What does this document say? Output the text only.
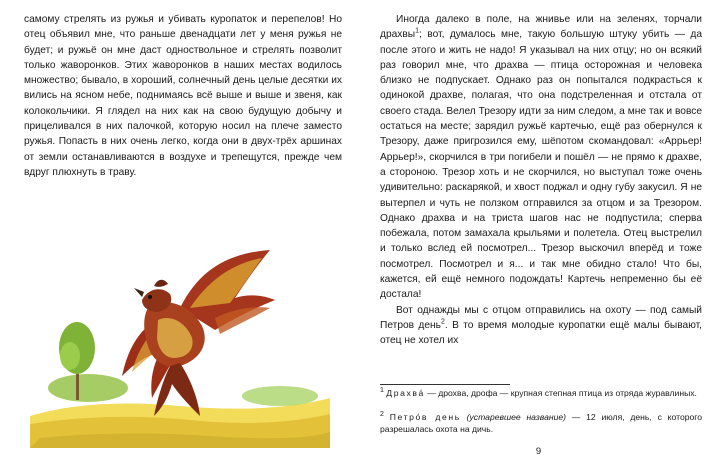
самому стрелять из ружья и убивать куропаток и перепелов! Но отец объявил мне, что раньше двенадцати лет у меня ружья не будет; и ружьё он мне даст одноствольное и стрелять позволит только жаворонков. Этих жаворонков в наших местах водилось множество; бывало, в хороший, солнечный день целые десятки их вились на ясном небе, поднимаясь всё выше и выше и звеня, как колокольчики. Я глядел на них как на свою будущую добычу и прицеливался в них палочкой, которую носил на плече заместо ружья. Попасть в них очень легко, когда они в двух-трёх аршинах от земли останавливаются в воздухе и трепещутся, прежде чем вдруг плюхнуть в траву.

Иногда далеко в поле, на жнивье или на зеленях, торчали драхвы$^1$; вот, думалось мне, такую большую штуку убить — да после этого и жить не надо! Я указывал на них отцу; но он всякий раз говорил мне, что драхва — птица осторожная и человека близко не подпускает. Однако раз он попытался подкрасться к одинокой драхве, полагая, что она подстреленная и отстала от своего стада. Велел Трезору идти за ним следом, а мне так и вовсе остаться на месте; зарядил ружьё картечью, ещё раз обернулся к Трезору, даже пригрозился ему, шёпотом скомандовал: «Аррьер! Аррьер!», скорчился в три погибели и пошёл — не прямо к драхве, а стороною. Трезор хоть и не скорчился, но выступал тоже очень удивительно: раскарякой, и хвост поджал и одну губу закусил. Я не вытерпел и чуть не ползком отправился за отцом и за Трезором. Однако драхва и на триста шагов нас не подпустила; сперва побежала, потом замахала крыльями и полетела. Отец выстрелил и только вслед ей посмотрел... Трезор выскочил вперёд и тоже посмотрел. Посмотрел и я... и так мне обидно стало! Что бы, кажется, ей ещё немного подождать! Картечь непременно бы её достала!

Вот однажды мы с отцом отправились на охоту — под самый Петров день$^2$. В то время молодые куропатки ещё малы бывают, отец не хотел их

$^1$ Драхва́ — дрохва, дрофа — крупная степная птица из отряда журавлиных.
$^2$ Петро́в день (устаревшее название) — 12 июля, день, с которого разрешалась охота на дичь.
9
